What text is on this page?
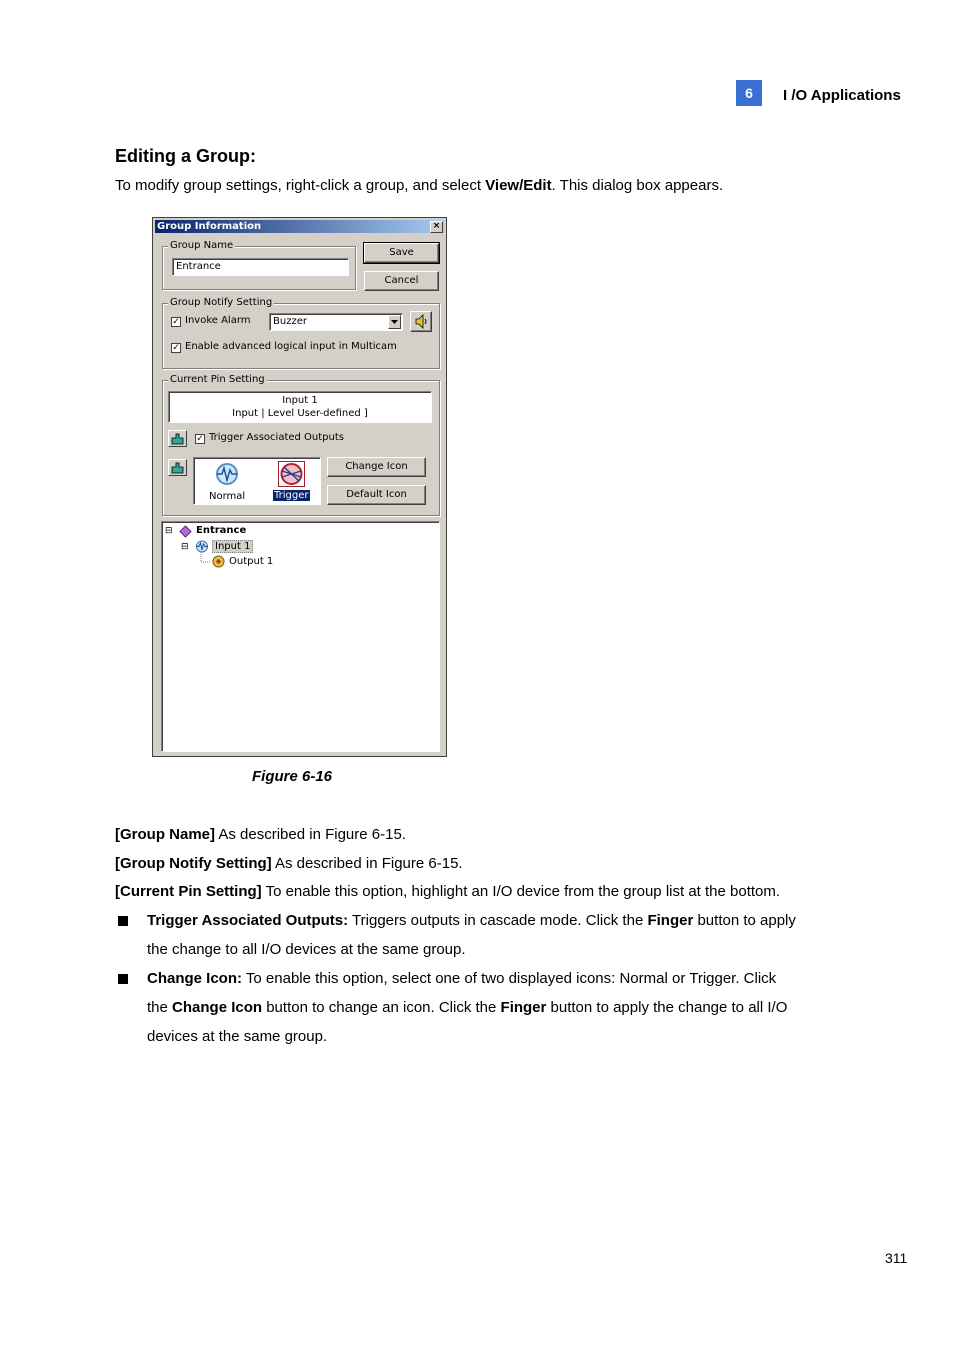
6	I /O Applications
Editing a Group:
To modify group settings, right-click a group, and select View/Edit. This dialog box appears.
Group Information	×
Group Name
Entrance
Save
Cancel
Group Notify Setting
✓ Invoke Alarm	Buzzer
✓ Enable advanced logical input in Multicam
Current Pin Setting
Input 1
Input | Level User-defined ]
✓ Trigger Associated Outputs
Normal	Trigger
Change Icon
Default Icon
⊟ Entrance
⊟	Input 1
Output 1
Figure 6-16
[Group Name] As described in Figure 6-15.
[Group Notify Setting] As described in Figure 6-15.
[Current Pin Setting] To enable this option, highlight an I/O device from the group list at the bottom.
Trigger Associated Outputs: Triggers outputs in cascade mode. Click the Finger button to apply
the change to all I/O devices at the same group.
Change Icon: To enable this option, select one of two displayed icons: Normal or Trigger. Click
the Change Icon button to change an icon. Click the Finger button to apply the change to all I/O
devices at the same group.
311
